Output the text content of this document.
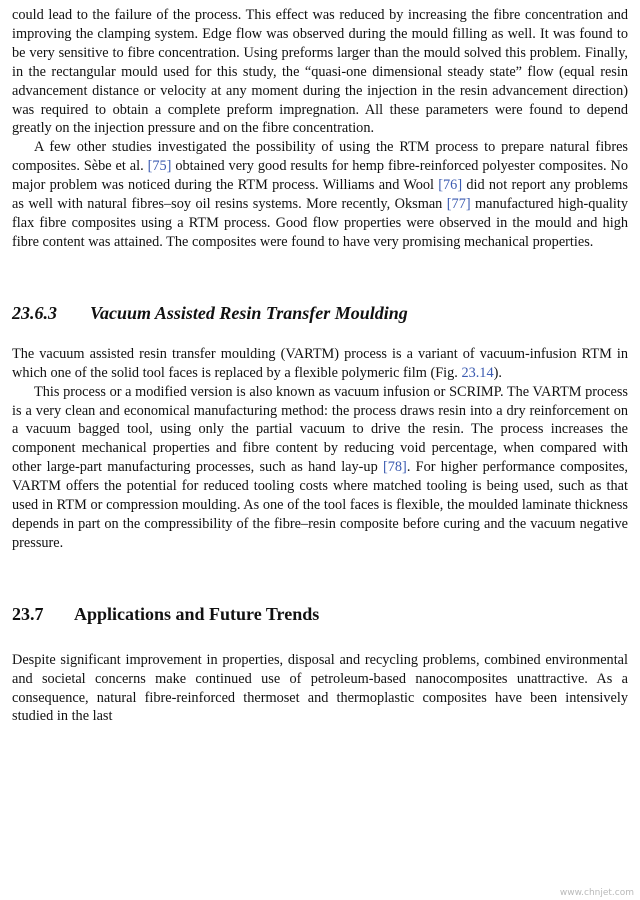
could lead to the failure of the process. This effect was reduced by increasing the fibre concentration and improving the clamping system. Edge flow was observed during the mould filling as well. It was found to be very sensitive to fibre concentration. Using preforms larger than the mould solved this problem. Finally, in the rectangular mould used for this study, the “quasi-one dimensional steady state” flow (equal resin advancement distance or velocity at any moment during the injection in the resin advancement direction) was required to obtain a complete preform impregnation. All these parameters were found to depend greatly on the injection pressure and on the fibre concentration.

A few other studies investigated the possibility of using the RTM process to prepare natural fibres composites. Sèbe et al. [75] obtained very good results for hemp fibre-reinforced polyester composites. No major problem was noticed during the RTM process. Williams and Wool [76] did not report any problems as well with natural fibres–soy oil resins systems. More recently, Oksman [77] manufactured high-quality flax fibre composites using a RTM process. Good flow properties were observed in the mould and high fibre content was attained. The composites were found to have very promising mechanical properties.

23.6.3 Vacuum Assisted Resin Transfer Moulding

The vacuum assisted resin transfer moulding (VARTM) process is a variant of vacuum-infusion RTM in which one of the solid tool faces is replaced by a flexible polymeric film (Fig. 23.14).

This process or a modified version is also known as vacuum infusion or SCRIMP. The VARTM process is a very clean and economical manufacturing method: the process draws resin into a dry reinforcement on a vacuum bagged tool, using only the partial vacuum to drive the resin. The process increases the component mechanical properties and fibre content by reducing void percentage, when compared with other large-part manufacturing processes, such as hand lay-up [78]. For higher performance composites, VARTM offers the potential for reduced tooling costs where matched tooling is being used, such as that used in RTM or compression moulding. As one of the tool faces is flexible, the moulded laminate thickness depends in part on the compressibility of the fibre–resin composite before curing and the vacuum negative pressure.

23.7 Applications and Future Trends

Despite significant improvement in properties, disposal and recycling problems, combined environmental and societal concerns make continued use of petroleum-based nanocomposites unattractive. As a consequence, natural fibre-reinforced thermoset and thermoplastic composites have been intensively studied in the last

www.chnjet.com
